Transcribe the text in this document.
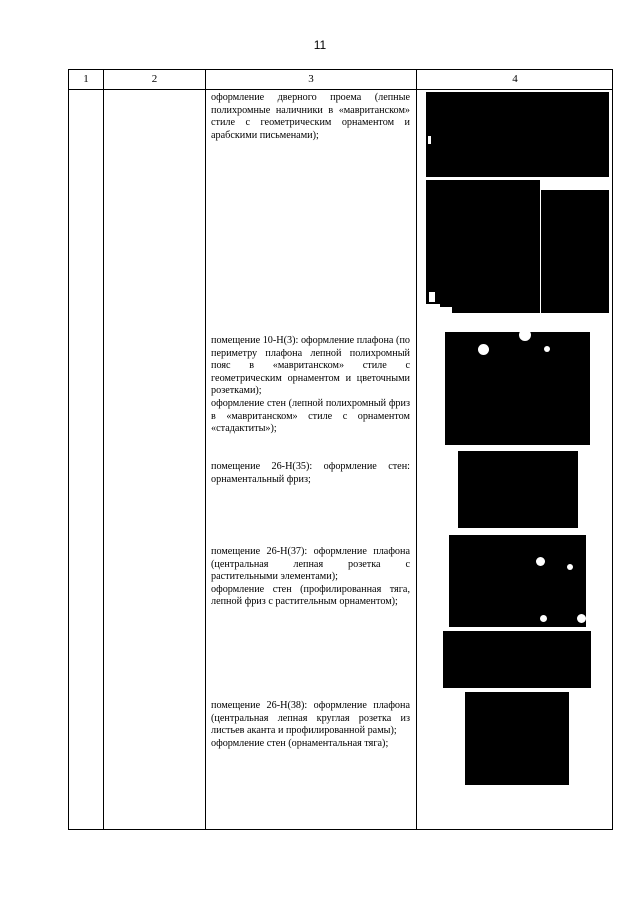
11
1	2	3	4

оформление дверного проема (лепные полихромные наличники в «мавританском» стиле с геометрическим орнаментом и арабскими письменами);

помещение 10-Н(3): оформление плафона (по периметру плафона лепной полихромный пояс в «мавританском» стиле с геометрическим орнаментом и цветочными розетками);

оформление стен (лепной полихромный фриз в «мавританском» стиле с орнаментом «стадактиты»);

помещение 26-Н(35): оформление стен: орнаментальный фриз;

помещение 26-Н(37): оформление плафона (центральная лепная розетка с растительными элементами);

оформление стен (профилированная тяга, лепной фриз с растительным орнаментом);

помещение 26-Н(38): оформление плафона (центральная лепная круглая розетка из листьев аканта и профилированной рамы);

оформление стен (орнаментальная тяга);
